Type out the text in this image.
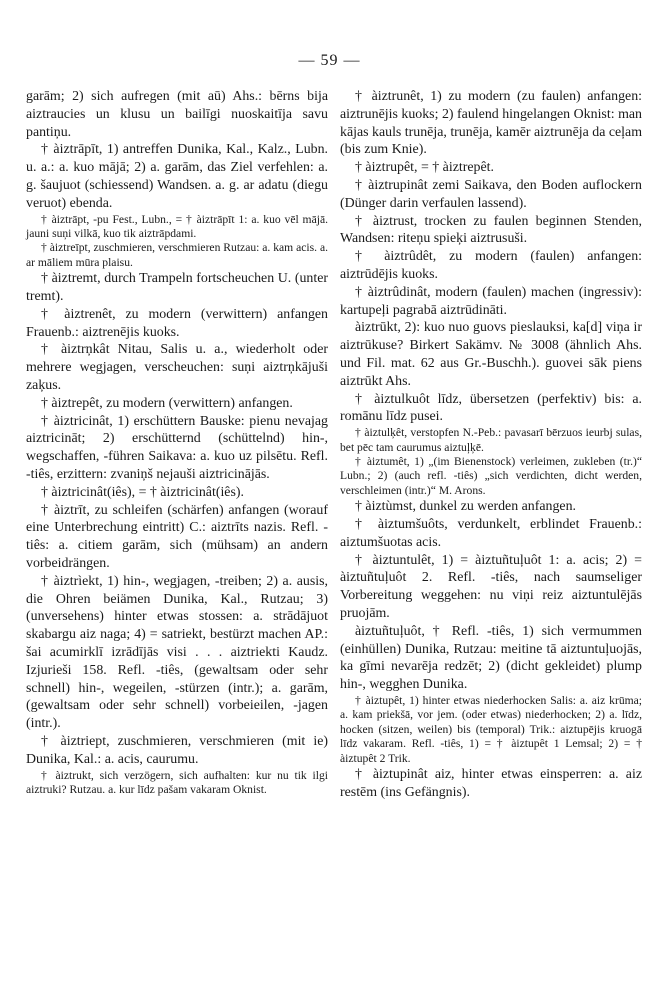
— 59 —

garām; 2) sich aufregen (mit aū) Ahs.: bērns bija aiztraucies un klusu un bailīgi nuoskaitīja savu pantiņu.

† àiztrāpīt, 1) antreffen Dunika, Kal., Kalz., Lubn. u. a.: a. kuo mājā; 2) a. garām, das Ziel verfehlen: a. g. šaujuot (schiessend) Wandsen. a. g. ar adatu (diegu veruot) ebenda.

† àiztrāpt, -pu Fest., Lubn., = † àiztrāpīt 1: a. kuo vēl mājā. jauni suņi vilkā, kuo tik aiztrāpdami.

† àiztreīpt, zuschmieren, verschmieren Rutzau: a. kam acis. a. ar māliem mūra plaisu.

† àiztremt, durch Trampeln fortscheuchen U. (unter tremt).

† àiztrenêt, zu modern (verwittern) anfangen Frauenb.: aiztrenējis kuoks.

† àiztrņkât Nitau, Salis u. a., wiederholt oder mehrere wegjagen, verscheuchen: suņi aiztrņkājuši zaķus.

† àiztrepêt, zu modern (verwittern) anfangen.

† àiztricinât, 1) erschüttern Bauske: pienu nevajag aiztricināt; 2) erschütternd (schüttelnd) hin-, wegschaffen, -führen Saikava: a. kuo uz pilsētu. Refl. -tiês, erzittern: zvaniņš nejauši aiztricinājās.

† àiztricinât(iês), = † àiztricinât(iês).

† àiztrīt, zu schleifen (schärfen) anfangen (worauf eine Unterbrechung eintritt) C.: aiztrīts nazis. Refl. -tiês: a. citiem garām, sich (mühsam) an andern vorbeidrängen.

† àiztrìekt, 1) hin-, wegjagen, -treiben; 2) a. ausis, die Ohren beiämen Dunika, Kal., Rutzau; 3) (unversehens) hinter etwas stossen: a. strādājuot skabargu aiz naga; 4) = satriekt, bestürzt machen AP.: šai acumirklī izrādījās visi . . . aiztriekti Kaudz. Izjurieši 158. Refl. -tiês, (gewaltsam oder sehr schnell) hin-, wegeilen, -stürzen (intr.); a. garām, (gewaltsam oder sehr schnell) vorbeieilen, -jagen (intr.).

† àiztriept, zuschmieren, verschmieren (mit ie) Dunika, Kal.: a. acis, caurumu.

† àiztrukt, sich verzögern, sich aufhalten: kur nu tik ilgi aiztruki? Rutzau. a. kur līdz pašam vakaram Oknist.

† àiztrunêt, 1) zu modern (zu faulen) anfangen: aiztrunējis kuoks; 2) faulend hingelangen Oknist: man kājas kauls trunēja, trunēja, kamēr aiztrunēja da ceļam (bis zum Knie).

† àiztrupêt, = † àiztrepêt.

† àiztrupinât zemi Saikava, den Boden auflockern (Dünger darin verfaulen lassend).

† àiztrust, trocken zu faulen beginnen Stenden, Wandsen: riteņu spieķi aiztrusuši.

† àiztrûdêt, zu modern (faulen) anfangen: aiztrūdējis kuoks.

† àiztrûdinât, modern (faulen) machen (ingressiv): kartupeļi pagrabā aiztrūdināti.

àiztrūkt, 2): kuo nuo guovs pieslauksi, ka[d] viņa ir aiztrūkuse? Birkert Sakämv. № 3008 (ähnlich Ahs. und Fil. mat. 62 aus Gr.-Buschh.). guovei sāk piens aiztrūkt Ahs.

† àiztulkuôt līdz, übersetzen (perfektiv) bis: a. romānu līdz pusei.

† àiztulķêt, verstopfen N.-Peb.: pavasarī bērzuos ieurbj sulas, bet pēc tam caurumus aiztuļķē.

† àiztumêt, 1) „(im Bienenstock) verleimen, zukleben (tr.)“ Lubn.; 2) (auch refl. -tiês) „sich verdichten, dicht werden, verschleimen (intr.)“ M. Arons.

† àiztùmst, dunkel zu werden anfangen.

† àiztumšuôts, verdunkelt, erblindet Frauenb.: aiztumšuotas acis.

† àiztuntulêt, 1) = àiztuñtuļuôt 1: a. acis; 2) = àiztuñtuļuôt 2. Refl. -tiês, nach saumseliger Vorbereitung weggehen: nu viņi reiz aiztuntulējās pruojām.

àiztuñtuļuôt, † Refl. -tiês, 1) sich vermummen (einhüllen) Dunika, Rutzau: meitine tā aiztuntuļuojās, ka gīmi nevarēja redzēt; 2) (dicht gekleidet) plump hin-, wegghen Dunika.

† àiztupêt, 1) hinter etwas niederhocken Salis: a. aiz krūma; a. kam priekšā, vor jem. (oder etwas) niederhocken; 2) a. līdz, hocken (sitzen, weilen) bis (temporal) Trik.: aiztupējis kruogā līdz vakaram. Refl. -tiês, 1) = † àiztupêt 1 Lemsal; 2) = † àiztupêt 2 Trik.

† àiztupinât aiz, hinter etwas einsperren: a. aiz restēm (ins Gefängnis).
